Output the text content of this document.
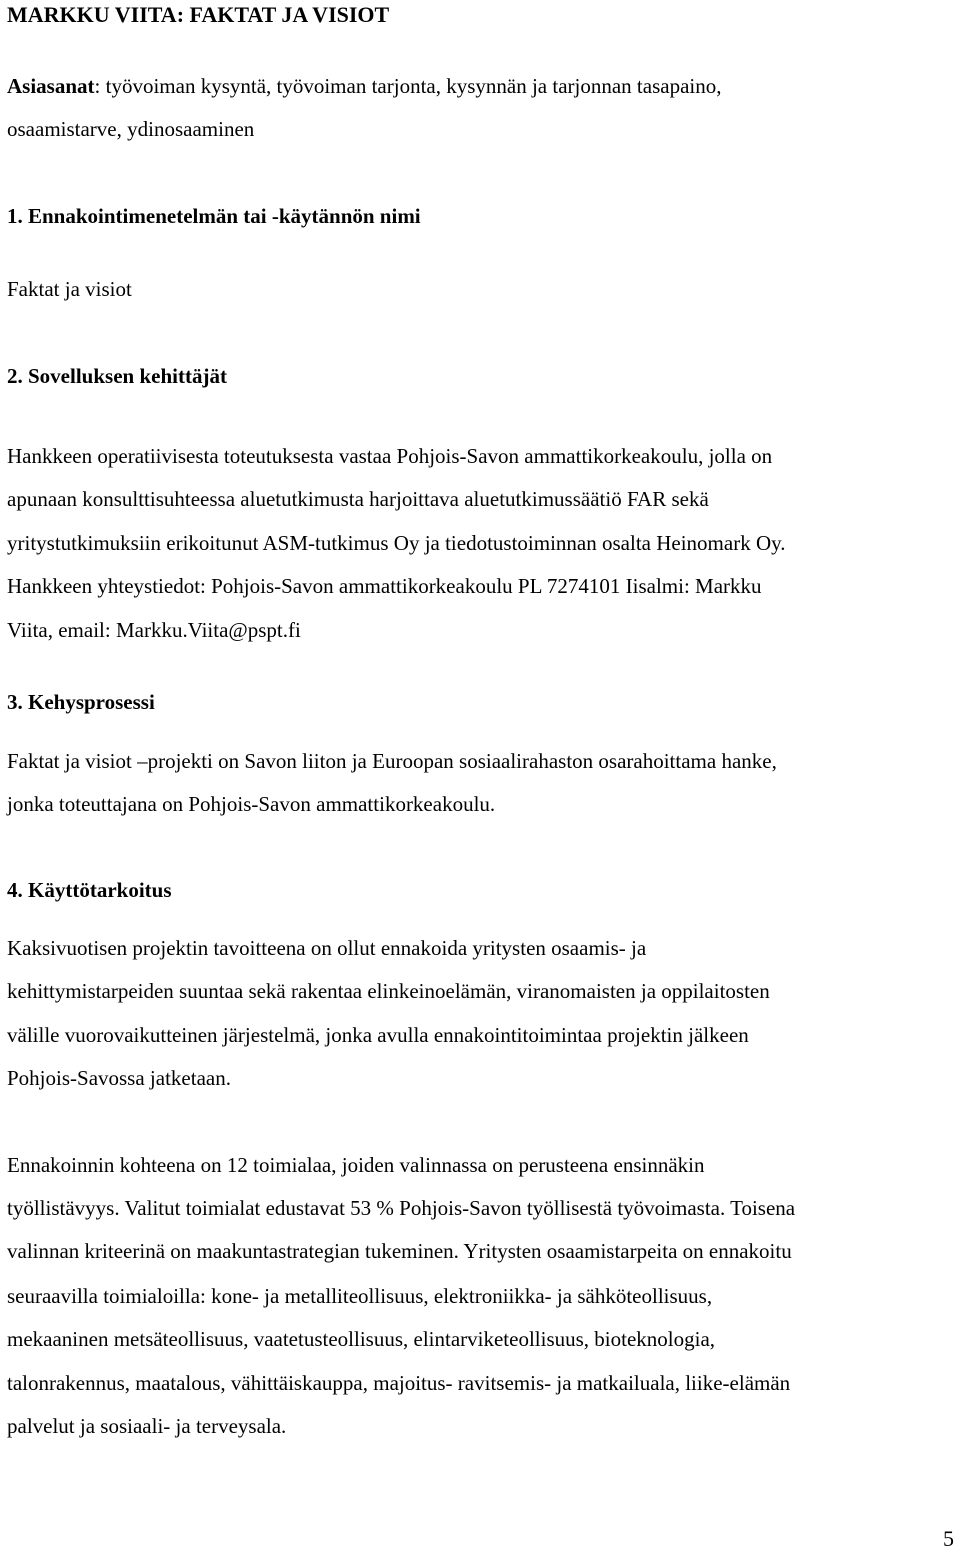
MARKKU VIITA: FAKTAT JA VISIOT
Asiasanat: työvoiman kysyntä, työvoiman tarjonta, kysynnän ja tarjonnan tasapaino,
osaamistarve, ydinosaaminen
1. Ennakointimenetelmän tai -käytännön nimi
Faktat ja visiot
2. Sovelluksen kehittäjät
Hankkeen operatiivisesta toteutuksesta vastaa Pohjois-Savon ammattikorkeakoulu, jolla on
apunaan konsulttisuhteessa aluetutkimusta harjoittava aluetutkimussäätiö FAR sekä
yritystutkimuksiin erikoitunut ASM-tutkimus Oy ja tiedotustoiminnan osalta Heinomark Oy.
Hankkeen yhteystiedot: Pohjois-Savon ammattikorkeakoulu PL 7274101 Iisalmi: Markku
Viita, email: Markku.Viita@pspt.fi
3. Kehysprosessi
Faktat ja visiot –projekti on Savon liiton ja Euroopan sosiaalirahaston osarahoittama hanke,
jonka toteuttajana on Pohjois-Savon ammattikorkeakoulu.
4. Käyttötarkoitus
Kaksivuotisen projektin tavoitteena on ollut ennakoida yritysten osaamis- ja
kehittymistarpeiden suuntaa sekä rakentaa elinkeinoelämän, viranomaisten ja oppilaitosten
välille vuorovaikutteinen järjestelmä, jonka avulla ennakointitoimintaa projektin jälkeen
Pohjois-Savossa jatketaan.
Ennakoinnin kohteena on 12 toimialaa, joiden valinnassa on perusteena ensinnäkin
työllistävyys. Valitut toimialat edustavat 53 % Pohjois-Savon työllisestä työvoimasta. Toisena
valinnan kriteerinä on maakuntastrategian tukeminen. Yritysten osaamistarpeita on ennakoitu
seuraavilla toimialoilla: kone- ja metalliteollisuus, elektroniikka- ja sähköteollisuus,
mekaaninen metsäteollisuus, vaatetusteollisuus, elintarviketeollisuus, bioteknologia,
talonrakennus, maatalous, vähittäiskauppa, majoitus- ravitsemis- ja matkailuala, liike-elämän
palvelut ja sosiaali- ja terveysala.
5
